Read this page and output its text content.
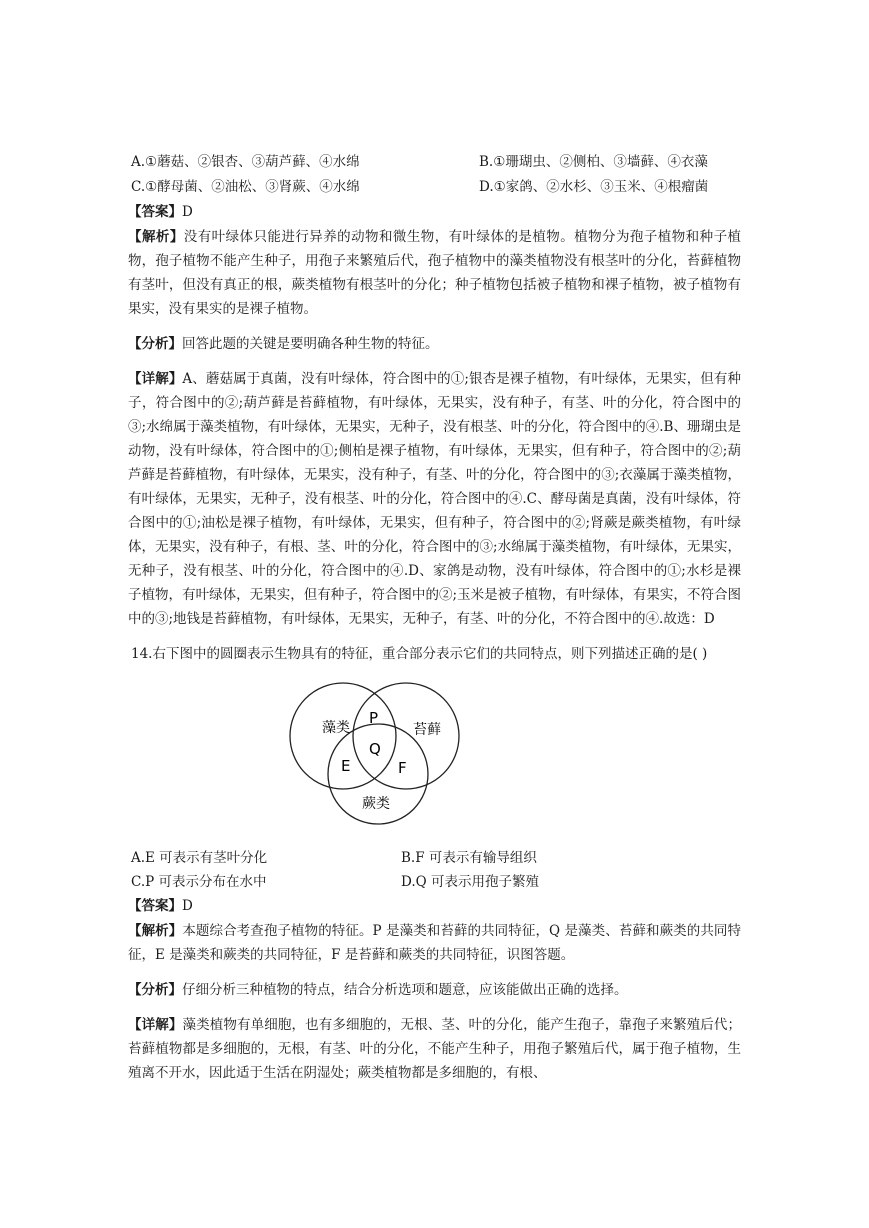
A.①蘑菇、②银杏、③葫芦藓、④水绵	B.①珊瑚虫、②侧柏、③墙藓、④衣藻
C.①酵母菌、②油松、③肾蕨、④水绵	D.①家鸽、②水杉、③玉米、④根瘤菌
【答案】D
【解析】没有叶绿体只能进行异养的动物和微生物，有叶绿体的是植物。植物分为孢子植物和种子植物，孢子植物不能产生种子，用孢子来繁殖后代，孢子植物中的藻类植物没有根茎叶的分化，苔藓植物有茎叶，但没有真正的根，蕨类植物有根茎叶的分化；种子植物包括被子植物和裸子植物，被子植物有果实，没有果实的是裸子植物。
【分析】回答此题的关键是要明确各种生物的特征。
【详解】A、蘑菇属于真菌，没有叶绿体，符合图中的①;银杏是裸子植物，有叶绿体，无果实，但有种子，符合图中的②;葫芦藓是苔藓植物，有叶绿体，无果实，没有种子，有茎、叶的分化，符合图中的③;水绵属于藻类植物，有叶绿体，无果实，无种子，没有根茎、叶的分化，符合图中的④.B、珊瑚虫是动物，没有叶绿体，符合图中的①;侧柏是裸子植物，有叶绿体，无果实，但有种子，符合图中的②;葫芦藓是苔藓植物，有叶绿体，无果实，没有种子，有茎、叶的分化，符合图中的③;衣藻属于藻类植物，有叶绿体，无果实，无种子，没有根茎、叶的分化，符合图中的④.C、酵母菌是真菌，没有叶绿体，符合图中的①;油松是裸子植物，有叶绿体，无果实，但有种子，符合图中的②;肾蕨是蕨类植物，有叶绿体，无果实，没有种子，有根、茎、叶的分化，符合图中的③;水绵属于藻类植物，有叶绿体，无果实，无种子，没有根茎、叶的分化，符合图中的④.D、家鸽是动物，没有叶绿体，符合图中的①;水杉是裸子植物，有叶绿体，无果实，但有种子，符合图中的②;玉米是被子植物，有叶绿体，有果实，不符合图中的③;地钱是苔藓植物，有叶绿体，无果实，无种子，有茎、叶的分化，不符合图中的④.故选：D
14.右下图中的圆圈表示生物具有的特征，重合部分表示它们的共同特点，则下列描述正确的是( )
藻类	苔藓
蕨类
P
Q
E	F
A.E 可表示有茎叶分化	B.F 可表示有输导组织
C.P 可表示分布在水中	D.Q 可表示用孢子繁殖
【答案】D
【解析】本题综合考查孢子植物的特征。P 是藻类和苔藓的共同特征，Q 是藻类、苔藓和蕨类的共同特征，E 是藻类和蕨类的共同特征，F 是苔藓和蕨类的共同特征，识图答题。
【分析】仔细分析三种植物的特点，结合分析选项和题意，应该能做出正确的选择。
【详解】藻类植物有单细胞，也有多细胞的，无根、茎、叶的分化，能产生孢子，靠孢子来繁殖后代；苔藓植物都是多细胞的，无根，有茎、叶的分化，不能产生种子，用孢子繁殖后代，属于孢子植物，生殖离不开水，因此适于生活在阴湿处；蕨类植物都是多细胞的，有根、
